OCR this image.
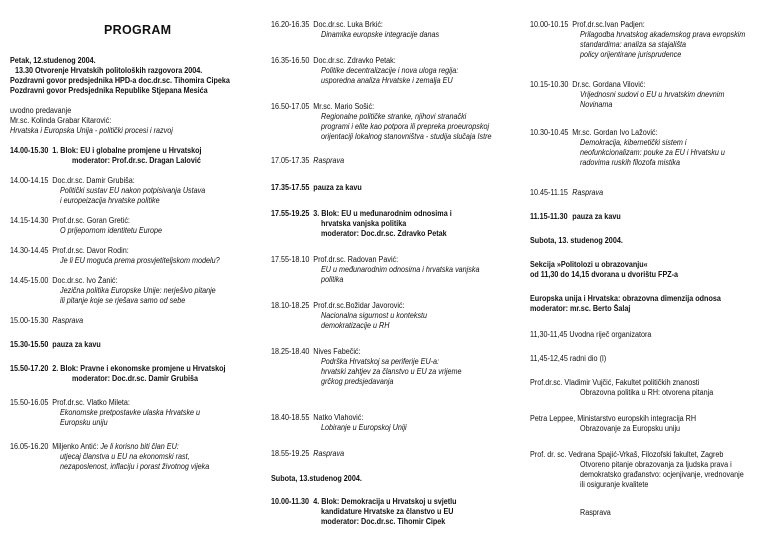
PROGRAM
Petak, 12.studenog 2004.
13.30 Otvorenje Hrvatskih politoloških razgovora 2004.
Pozdravni govor predsjednika HPD-a doc.dr.sc. Tihomira Cipeka
Pozdravni govor Predsjednika Republike Stjepana Mesića
uvodno predavanje
Mr.sc. Kolinda Grabar Kitarović:
Hrvatska i Europska Unija - politički procesi i razvoj
14.00-15.30 1. Blok: EU i globalne promjene u Hrvatskoj
moderator: Prof.dr.sc. Dragan Lalović
14.00-14.15 Doc.dr.sc. Damir Grubiša:
Politički sustav EU nakon potpisivanja Ustava
i europeizacija hrvatske politike
14.15-14.30 Prof.dr.sc. Goran Gretić:
O prijepornom identitetu Europe
14.30-14.45 Prof.dr.sc. Davor Rodin:
Je li EU moguća prema prosvjetiteljskom modelu?
14.45-15.00 Doc.dr.sc. Ivo Žanić:
Jezična politika Europske Unije: nerješivo pitanje
ili pitanje koje se rješava samo od sebe
15.00-15.30 Rasprava
15.30-15.50 pauza za kavu
15.50-17.20 2. Blok: Pravne i ekonomske promjene u Hrvatskoj
moderator: Doc.dr.sc. Damir Grubiša
15.50-16.05 Prof.dr.sc. Vlatko Mileta:
Ekonomske pretpostavke ulaska Hrvatske u
Europsku uniju
16.05-16.20 Miljenko Antić: Je li korisno biti član EU:
utjecaj članstva u EU na ekonomski rast,
nezaposlenost, inflaciju i porast životnog vijeka
16.20-16.35 Doc.dr.sc. Luka Brkić:
Dinamika europske integracije danas
16.35-16.50 Doc.dr.sc. Zdravko Petak:
Politike decentralizacije i nova uloga regija:
usporedna analiza Hrvatske i zemalja EU
16.50-17.05 Mr.sc. Mario Sošić:
Regionalne političke stranke, njihovi stranački
programi i elite kao potpora ili prepreka proeuropskoj
orijentaciji lokalnog stanovništva - studija slučaja Istre
17.05-17.35 Rasprava
17.35-17.55 pauza za kavu
17.55-19.25 3. Blok: EU u međunarodnim odnosima i
hrvatska vanjska politika
moderator: Doc.dr.sc. Zdravko Petak
17.55-18.10 Prof.dr.sc. Radovan Pavić:
EU u međunarodnim odnosima i hrvatska vanjska
politika
18.10-18.25 Prof.dr.sc.Božidar Javorović:
Nacionalna sigurnost u kontekstu
demokratizacije u RH
18.25-18.40 Nives Fabečić:
Podrška Hrvatskoj sa periferije EU-a:
hrvatski zahtjev za članstvo u EU za vrijeme
grčkog predsjedavanja
18.40-18.55 Natko Vlahović:
Lobiranje u Europskoj Uniji
18.55-19.25 Rasprava
Subota, 13.studenog 2004.
10.00-11.30 4. Blok: Demokracija u Hrvatskoj u svjetlu
kandidature Hrvatske za članstvo u EU
moderator: Doc.dr.sc. Tihomir Cipek
10.00-10.15 Prof.dr.sc.Ivan Padjen:
Prilagodba hrvatskog akademskog prava evropskim
standardima: analiza sa stajališta
policy orijentirane jurisprudence
10.15-10.30 Dr.sc. Gordana Vilović:
Vrijednosni sudovi o EU u hrvatskim dnevnim
Novinama
10.30-10.45 Mr.sc. Gordan Ivo Lažović:
Demokracija, kibernetički sistem i
neofunkcionalizam: pouke za EU i Hrvatsku u
radovima ruskih filozofa mistika
10.45-11.15 Rasprava
11.15-11.30 pauza za kavu
Subota, 13. studenog 2004.
Sekcija »Politolozi u obrazovanju«
od 11,30 do 14,15 dvorana u dvorištu FPZ-a
Europska unija i Hrvatska: obrazovna dimenzija odnosa
moderator: mr.sc. Berto Šalaj
11,30-11,45 Uvodna riječ organizatora
11,45-12,45 radni dio (I)
Prof.dr.sc. Vladimir Vujčić, Fakultet političkih znanosti
Obrazovna politika u RH: otvorena pitanja
Petra Leppee, Ministarstvo europskih integracija RH
Obrazovanje za Europsku uniju
Prof. dr. sc. Vedrana Spajić-Vrkaš, Filozofski fakultet, Zagreb
Otvoreno pitanje obrazovanja za ljudska prava i
demokratsko građanstvo: ocjenjivanje, vrednovanje
ili osiguranje kvalitete
Rasprava
